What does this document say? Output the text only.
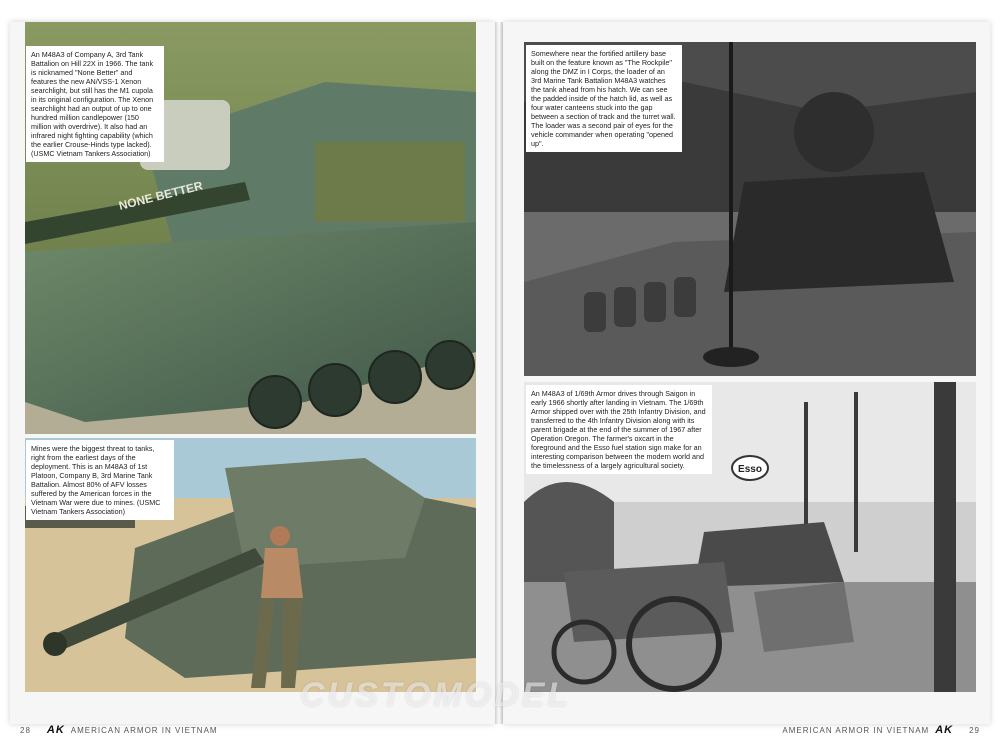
NONE BETTER
An M48A3 of Company A, 3rd Tank Battalion on Hill 22X in 1966. The tank is nicknamed "None Better" and features the new AN/VSS-1 Xenon searchlight, but still has the M1 cupola in its original configuration. The Xenon searchlight had an output of up to one hundred million candlepower (150 million with overdrive). It also had an infrared night fighting capability (which the earlier Crouse-Hinds type lacked). (USMC Vietnam Tankers Association)
Mines were the biggest threat to tanks, right from the earliest days of the deployment. This is an M48A3 of 1st Platoon, Company B, 3rd Marine Tank Battalion. Almost 80% of AFV losses suffered by the American forces in the Vietnam War were due to mines. (USMC Vietnam Tankers Association)
28 AK AMERICAN ARMOR IN VIETNAM
Somewhere near the fortified artillery base built on the feature known as "The Rockpile" along the DMZ in I Corps, the loader of an 3rd Marine Tank Battalion M48A3 watches the tank ahead from his hatch. We can see the padded inside of the hatch lid, as well as four water canteens stuck into the gap between a section of track and the turret wall. The loader was a second pair of eyes for the vehicle commander when operating "opened up".
Esso
An M48A3 of 1/69th Armor drives through Saigon in early 1966 shortly after landing in Vietnam. The 1/69th Armor shipped over with the 25th Infantry Division, and transferred to the 4th Infantry Division along with its parent brigade at the end of the summer of 1967 after Operation Oregon. The farmer's oxcart in the foreground and the Esso fuel station sign make for an interesting comparison between the modern world and the timelessness of a largely agricultural society.
AMERICAN ARMOR IN VIETNAM AK 29
CUSTOMODEL
